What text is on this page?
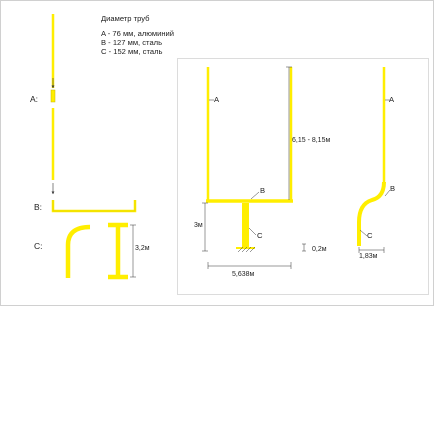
Диаметр труб
A - 76 мм, алюминий
B - 127 мм, сталь
C - 152 мм, сталь
A:
B:
C:	3,2м
6,15 - 8,15м
3м
0,2м
5,638м
1,83м
A
B
C
A
B
C
